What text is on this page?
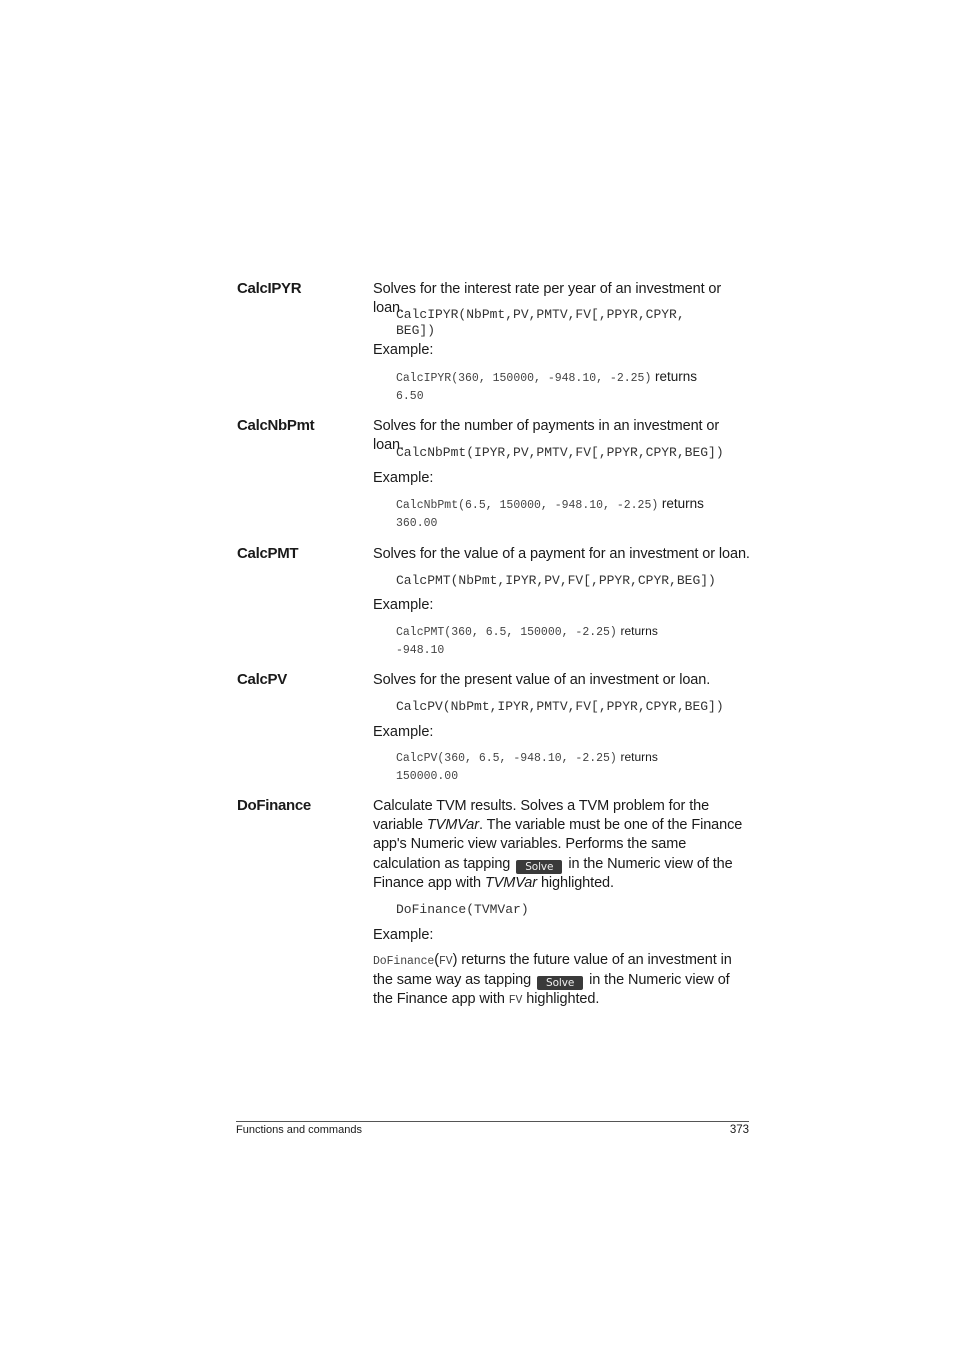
CalcIPYR	Solves for the interest rate per year of an investment or loan.
CalcIPYR(NbPmt,PV,PMTV,FV[,PPYR,CPYR,
BEG])
Example:
CalcIPYR(360, 150000, -948.10, -2.25) returns
6.50
CalcNbPmt	Solves for the number of payments in an investment or loan.
CalcNbPmt(IPYR,PV,PMTV,FV[,PPYR,CPYR,BEG])
Example:
CalcNbPmt(6.5, 150000, -948.10, -2.25) returns
360.00
CalcPMT	Solves for the value of a payment for an investment or loan.
CalcPMT(NbPmt,IPYR,PV,FV[,PPYR,CPYR,BEG])
Example:
CalcPMT(360, 6.5, 150000, -2.25) returns
-948.10
CalcPV	Solves for the present value of an investment or loan.
CalcPV(NbPmt,IPYR,PMTV,FV[,PPYR,CPYR,BEG])
Example:
CalcPV(360, 6.5, -948.10, -2.25) returns
150000.00
DoFinance	Calculate TVM results. Solves a TVM problem for the variable TVMVar. The variable must be one of the Finance app's Numeric view variables. Performs the same calculation as tapping Solve in the Numeric view of the Finance app with TVMVar highlighted.
DoFinance(TVMVar)
Example:
DoFinance(FV) returns the future value of an investment in the same way as tapping Solve in the Numeric view of the Finance app with FV highlighted.
Functions and commands	373
